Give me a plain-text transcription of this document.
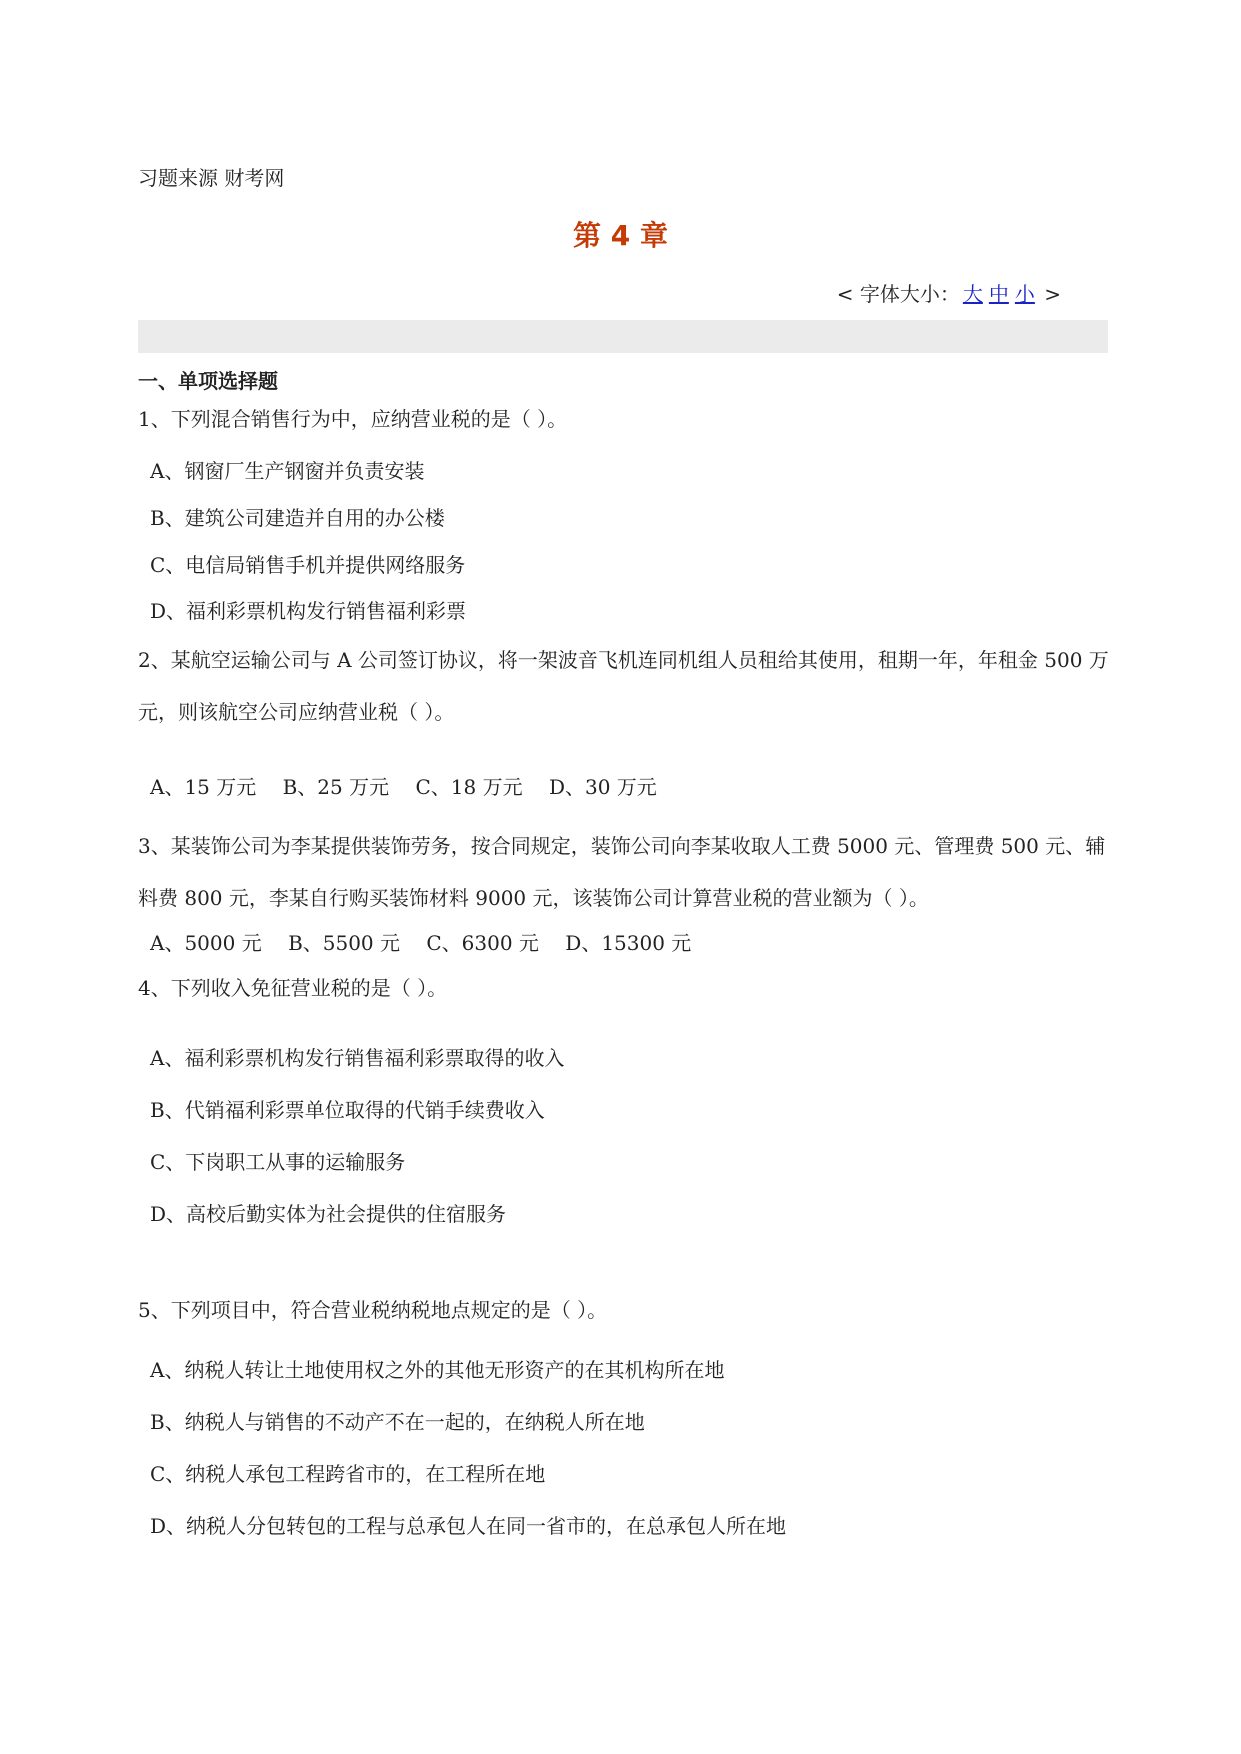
习题来源 财考网
第 4 章
< 字体大小： 大 中 小 >
一、单项选择题
1、下列混合销售行为中，应纳营业税的是（ ）。
A、钢窗厂生产钢窗并负责安装
B、建筑公司建造并自用的办公楼
C、电信局销售手机并提供网络服务
D、福利彩票机构发行销售福利彩票
2、某航空运输公司与 A 公司签订协议，将一架波音飞机连同机组人员租给其使用，租期一年，年租金 500 万元，则该航空公司应纳营业税（ ）。
A、15 万元 B、25 万元 C、18 万元 D、30 万元
3、某装饰公司为李某提供装饰劳务，按合同规定，装饰公司向李某收取人工费 5000 元、管理费 500 元、辅料费 800 元，李某自行购买装饰材料 9000 元，该装饰公司计算营业税的营业额为（ ）。
A、5000 元 B、5500 元 C、6300 元 D、15300 元
4、下列收入免征营业税的是（ ）。
A、福利彩票机构发行销售福利彩票取得的收入
B、代销福利彩票单位取得的代销手续费收入
C、下岗职工从事的运输服务
D、高校后勤实体为社会提供的住宿服务
5、下列项目中，符合营业税纳税地点规定的是（ ）。
A、纳税人转让土地使用权之外的其他无形资产的在其机构所在地
B、纳税人与销售的不动产不在一起的，在纳税人所在地
C、纳税人承包工程跨省市的，在工程所在地
D、纳税人分包转包的工程与总承包人在同一省市的，在总承包人所在地
